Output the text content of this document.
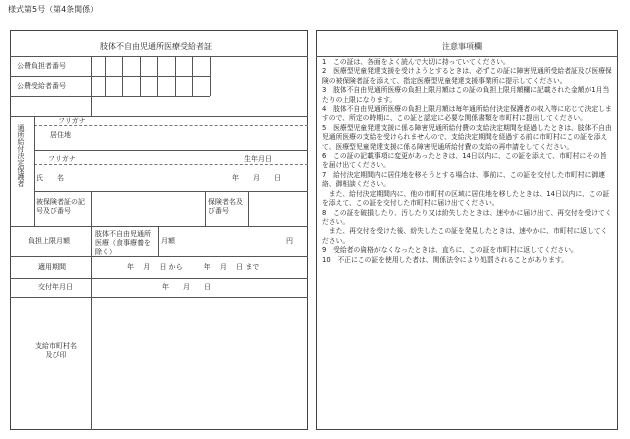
様式第5号（第4条関係）
肢体不自由児通所医療受給者証
公費負担者番号
公費受給者番号
通所給付決定保護者
フリガナ
居住地
フリガナ	生年月日
氏　　名	年　　月　　日
被保険者証の記号及び番号
保険者名及び番号
負担上限月額
肢体不自由児通所医療（食事療養を除く）
月額	円
適用期間	年　 月　 日 から　　　年　 月　 日 まで
交付年月日	年　　月　　日
支給市町村名及び印
注意事項欄
1　この証は、各面をよく読んで大切に持っていてください。
2　医療型児童発達支援を受けようとするときは、必ずこの証に障害児通所受給者証及び医療保険の被保険者証を添えて、指定医療型児童発達支援事業所に提示してください。
3　肢体不自由児通所医療の負担上限月額はこの証の負担上限月額欄に記載された金額が1月当たりの上限になります。
4　肢体不自由児通所医療の負担上限月額は毎年通所給付決定保護者の収入等に応じて決定しますので、所定の時期に、この証と認定に必要な関係書類を市町村に提出してください。
5　医療型児童発達支援に係る障害児通所給付費の支給決定期間を経過したときは、肢体不自由児通所医療の支給を受けられませんので、支給決定期間を経過する前に市町村にこの証を添えて、医療型児童発達支援に係る障害児通所給付費の支給の再申請をしてください。
6　この証の記載事項に変更があったときは、14日以内に、この証を添えて、市町村にその旨を届け出てください。
7　給付決定期間内に居住地を移そうとする場合は、事前に、この証を交付した市町村に御連絡、御相談ください。
　また、給付決定期間内に、他の市町村の区域に居住地を移したときは、14日以内に、この証を添えて、この証を交付した市町村に届け出てください。
8　この証を破損したり、汚したり又は紛失したときは、速やかに届け出て、再交付を受けてください。
　また、再交付を受けた後、紛失したこの証を発見したときは、速やかに、市町村に返してください。
9　受給者の資格がなくなったときは、直ちに、この証を市町村に返してください。
10　不正にこの証を使用した者は、関係法令により処罰されることがあります。
